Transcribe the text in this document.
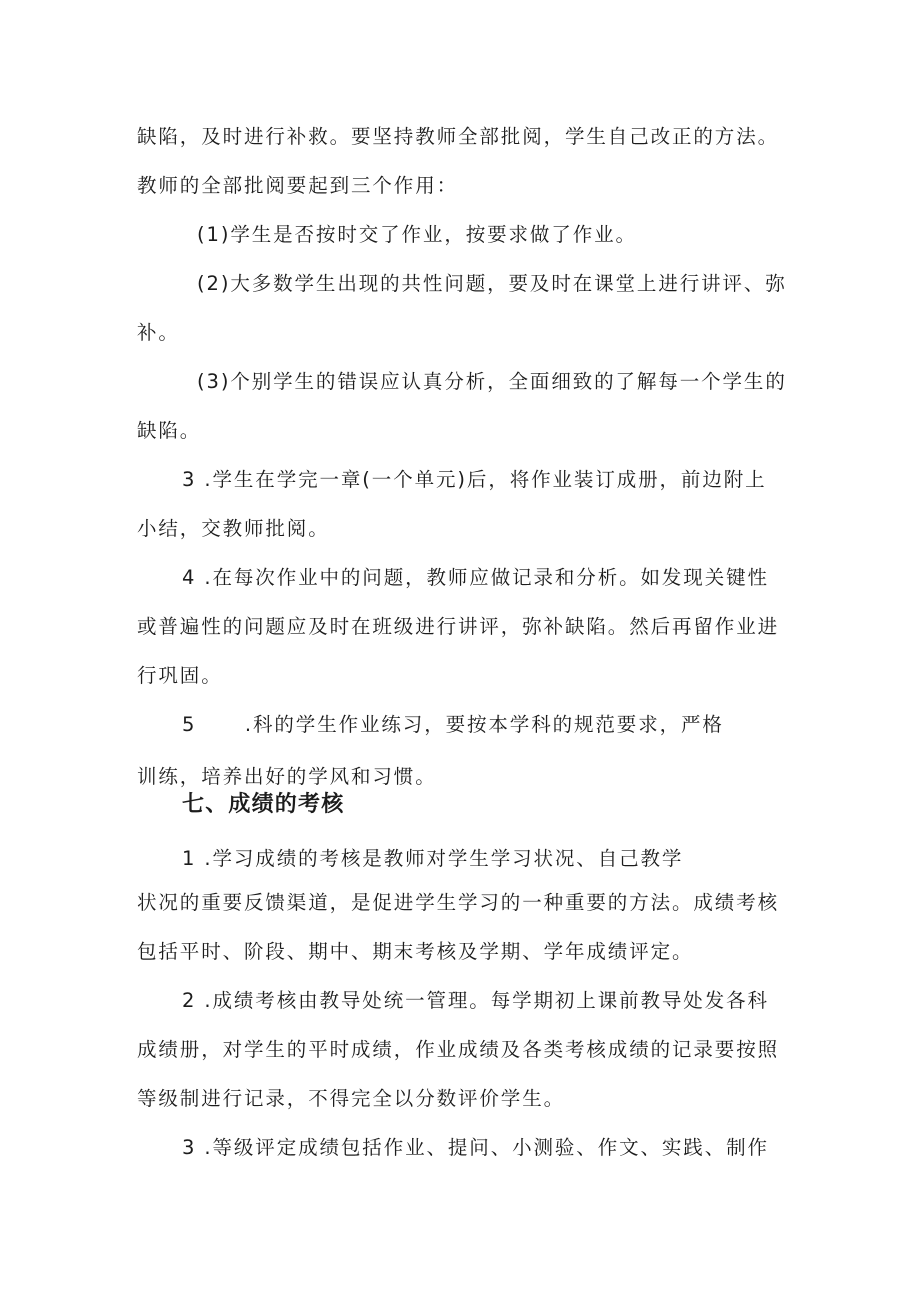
缺陷，及时进行补救。要坚持教师全部批阅，学生自己改正的方法。

教师的全部批阅要起到三个作用：

(1)学生是否按时交了作业，按要求做了作业。

(2)大多数学生出现的共性问题，要及时在课堂上进行讲评、弥

补。

(3)个别学生的错误应认真分析，全面细致的了解每一个学生的

缺陷。

3 .学生在学完一章(一个单元)后，将作业装订成册，前边附上

小结，交教师批阅。

4 .在每次作业中的问题，教师应做记录和分析。如发现关键性

或普遍性的问题应及时在班级进行讲评，弥补缺陷。然后再留作业进

行巩固。

5      .科的学生作业练习，要按本学科的规范要求，严格

训练，培养出好的学风和习惯。

七、成绩的考核

1 .学习成绩的考核是教师对学生学习状况、自己教学

状况的重要反馈渠道，是促进学生学习的一种重要的方法。成绩考核

包括平时、阶段、期中、期末考核及学期、学年成绩评定。

2 .成绩考核由教导处统一管理。每学期初上课前教导处发各科

成绩册，对学生的平时成绩，作业成绩及各类考核成绩的记录要按照

等级制进行记录，不得完全以分数评价学生。

3 .等级评定成绩包括作业、提问、小测验、作文、实践、制作
